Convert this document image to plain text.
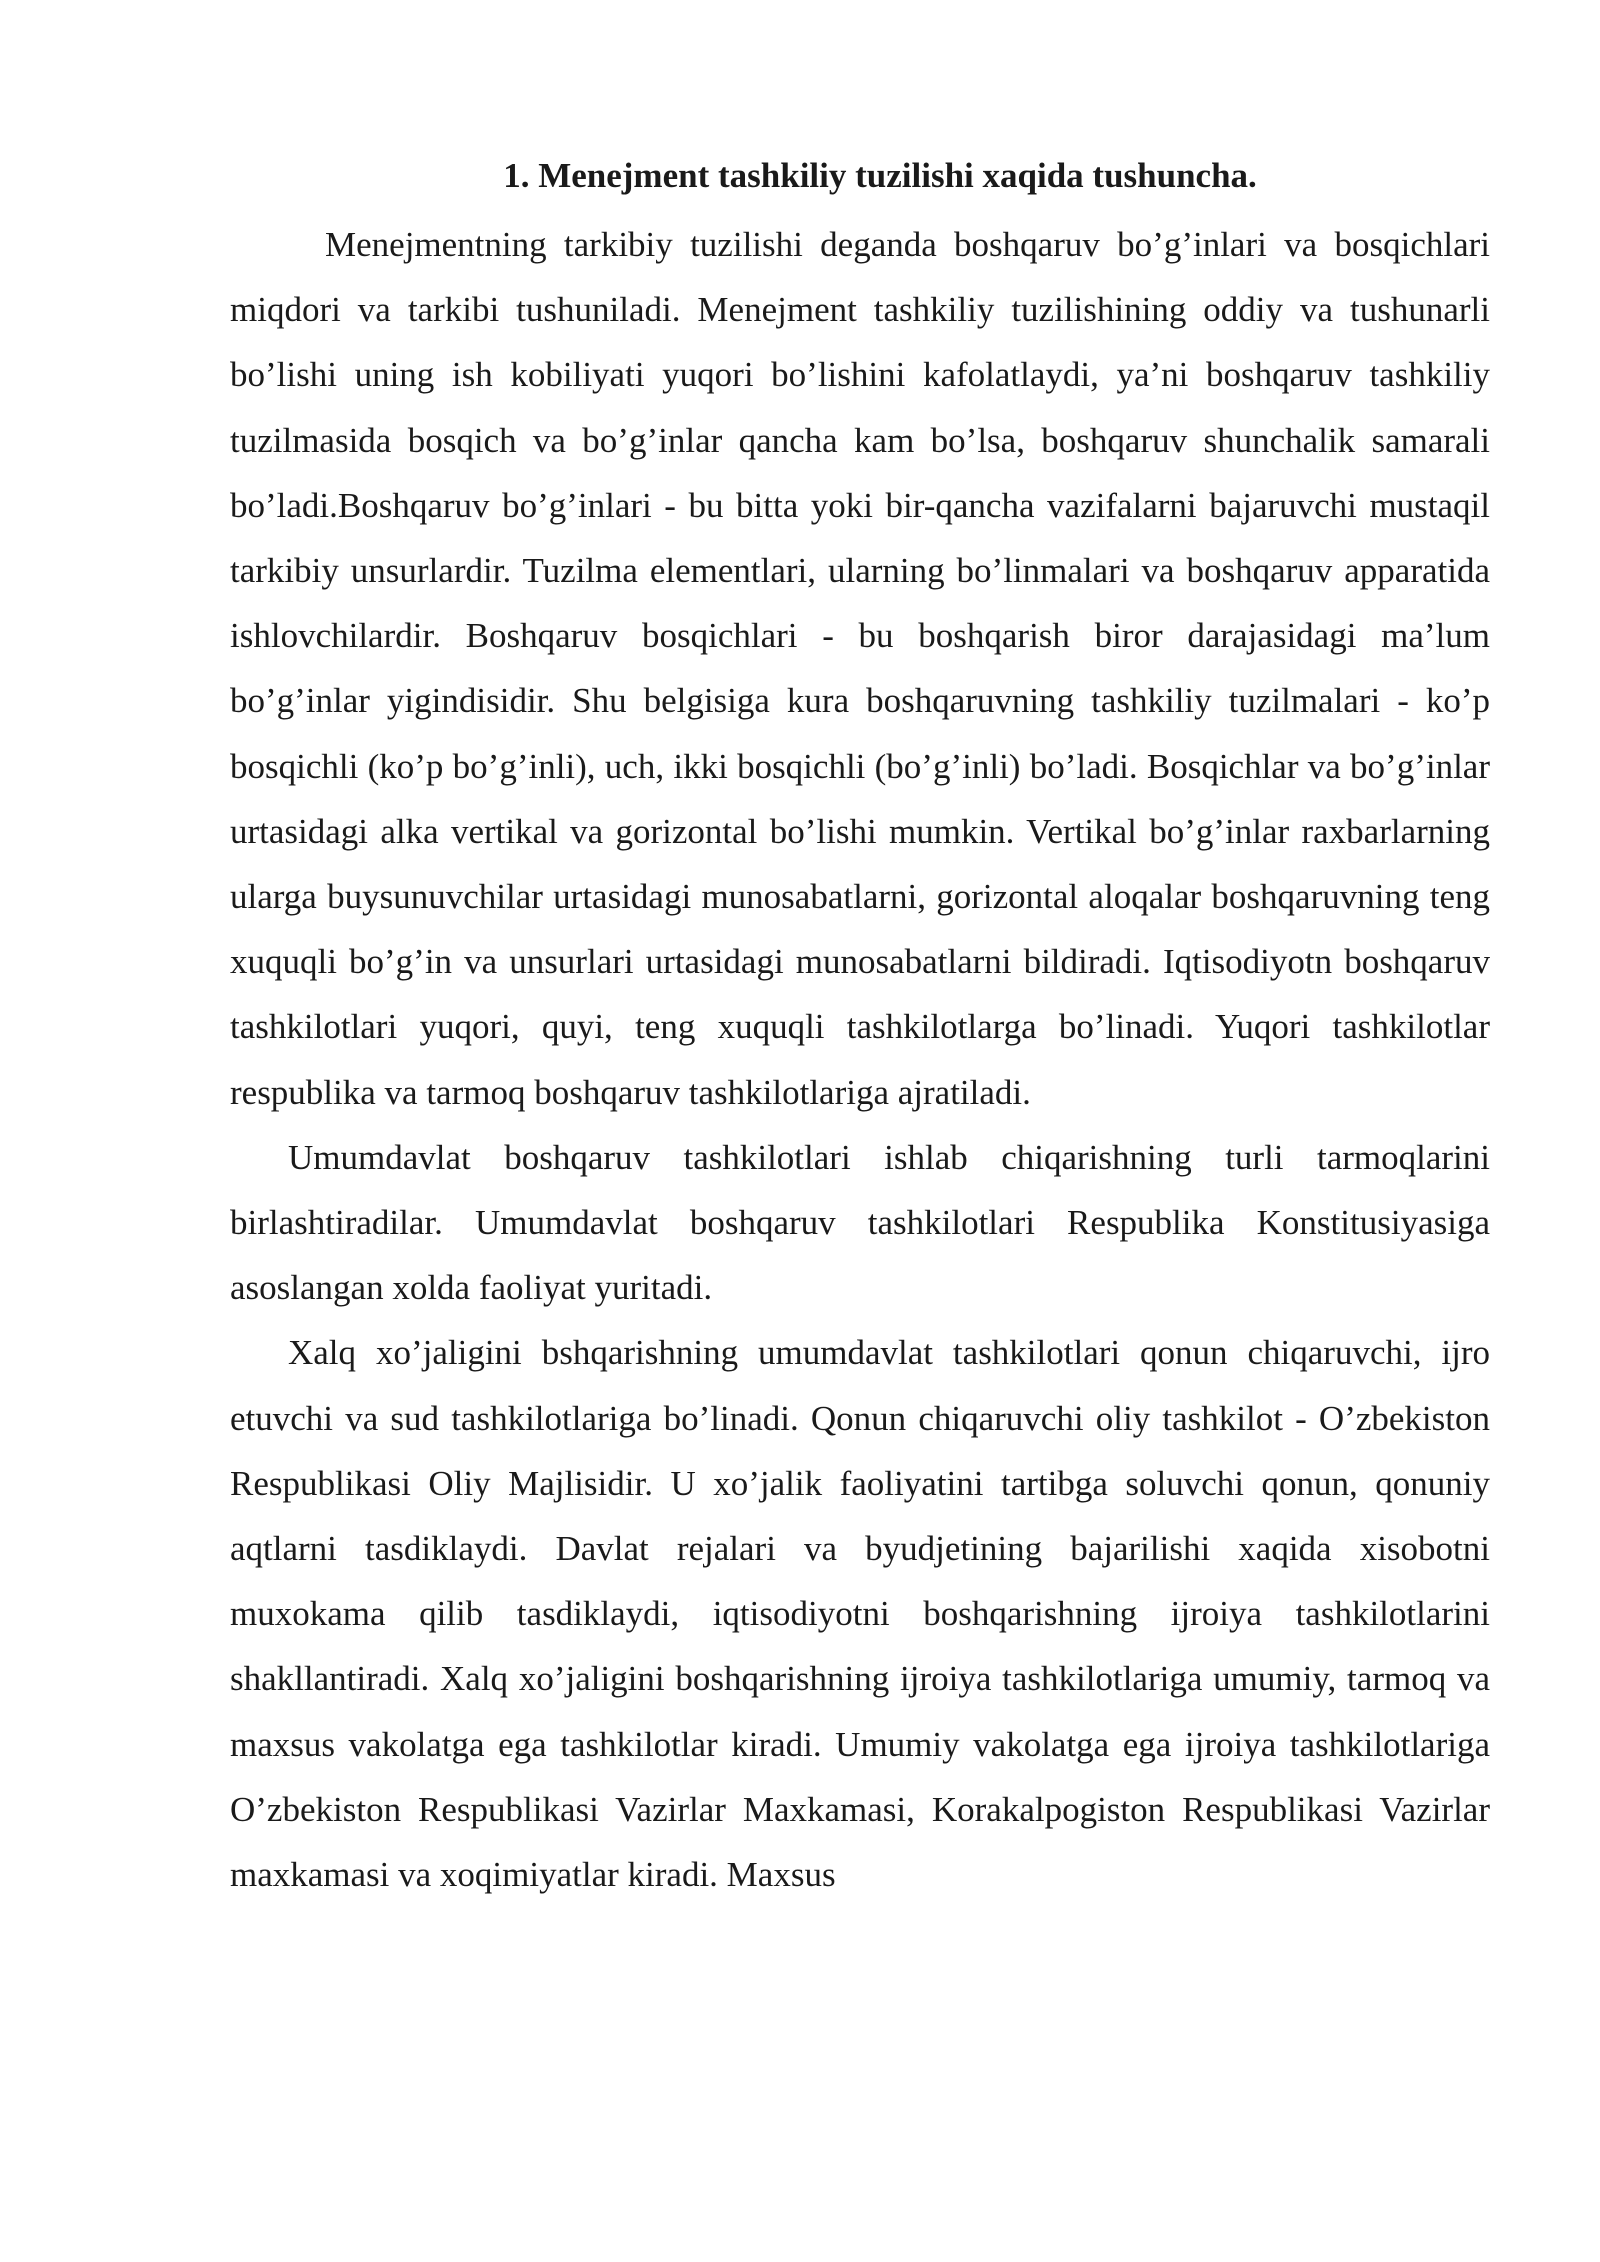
1. Menejment tashkiliy tuzilishi xaqida tushuncha.

Menejmentning tarkibiy tuzilishi deganda boshqaruv bo’g’inlari va bosqichlari miqdori va tarkibi tushuniladi. Menejment tashkiliy tuzilishining oddiy va tushunarli bo’lishi uning ish kobiliyati yuqori bo’lishini kafolatlaydi, ya’ni boshqaruv tashkiliy tuzilmasida bosqich va bo’g’inlar qancha kam bo’lsa, boshqaruv shunchalik samarali bo’ladi.Boshqaruv bo’g’inlari - bu bitta yoki bir-qancha vazifalarni bajaruvchi mustaqil tarkibiy unsurlardir. Tuzilma elementlari, ularning bo’linmalari va boshqaruv apparatida ishlovchilardir. Boshqaruv bosqichlari - bu boshqarish biror darajasidagi ma’lum bo’g’inlar yigindisidir. Shu belgisiga kura boshqaruvning tashkiliy tuzilmalari - ko’p bosqichli (ko’p bo’g’inli), uch, ikki bosqichli (bo’g’inli) bo’ladi. Bosqichlar va bo’g’inlar urtasidagi alka vertikal va gorizontal bo’lishi mumkin. Vertikal bo’g’inlar raxbarlarning ularga buysunuvchilar urtasidagi munosabatlarni, gorizontal aloqalar boshqaruvning teng xuquqli bo’g’in va unsurlari urtasidagi munosabatlarni bildiradi. Iqtisodiyotn boshqaruv tashkilotlari yuqori, quyi, teng xuquqli tashkilotlarga bo’linadi. Yuqori tashkilotlar respublika va tarmoq boshqaruv tashkilotlariga ajratiladi.

Umumdavlat boshqaruv tashkilotlari ishlab chiqarishning turli tarmoqlarini birlashtiradilar. Umumdavlat boshqaruv tashkilotlari Respublika Konstitusiyasiga asoslangan xolda faoliyat yuritadi.

Xalq xo’jaligini bshqarishning umumdavlat tashkilotlari qonun chiqaruvchi, ijro etuvchi va sud tashkilotlariga bo’linadi. Qonun chiqaruvchi oliy tashkilot - O’zbekiston Respublikasi Oliy Majlisidir. U xo’jalik faoliyatini tartibga soluvchi qonun, qonuniy aqtlarni tasdiklaydi. Davlat rejalari va byudjetining bajarilishi xaqida xisobotni muxokama qilib tasdiklaydi, iqtisodiyotni boshqarishning ijroiya tashkilotlarini shakllantiradi. Xalq xo’jaligini boshqarishning ijroiya tashkilotlariga umumiy, tarmoq va maxsus vakolatga ega tashkilotlar kiradi. Umumiy vakolatga ega ijroiya tashkilotlariga O’zbekiston Respublikasi Vazirlar Maxkamasi, Korakalpogiston Respublikasi Vazirlar maxkamasi va xoqimiyatlar kiradi. Maxsus
